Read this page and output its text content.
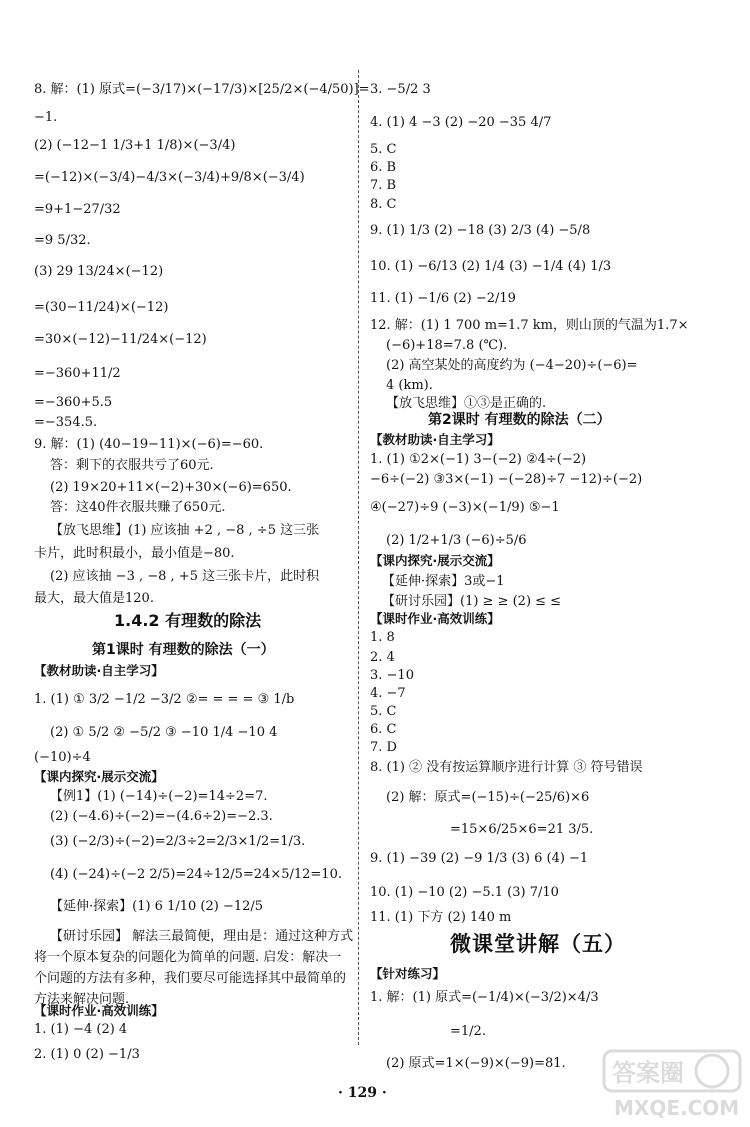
8. 解：(1) 原式=(−3/17)×(−17/3)×[25/2×(−4/50)]=
−1.
(2) (−12−1 1/3+1 1/8)×(−3/4)
=(−12)×(−3/4)−4/3×(−3/4)+9/8×(−3/4)
=9+1−27/32
=9 5/32.
(3) 29 13/24×(−12)
=(30−11/24)×(−12)
=30×(−12)−11/24×(−12)
=−360+11/2
=−360+5.5
=−354.5.
9. 解：(1) (40−19−11)×(−6)=−60.
答：剩下的衣服共亏了60元.
(2) 19×20+11×(−2)+30×(−6)=650.
答：这40件衣服共赚了650元.
【放飞思维】(1) 应该抽 +2 , −8 , ÷5 这三张
卡片，此时积最小，最小值是−80.
(2) 应该抽 −3 , −8 , +5 这三张卡片，此时积
最大，最大值是120.
1.4.2 有理数的除法
第1课时 有理数的除法（一）
【教材助读·自主学习】
1. (1) ① 3/2 −1/2 −3/2 ②= = = = ③ 1/b
(2) ① 5/2 ② −5/2 ③ −10 1/4 −10 4
(−10)÷4
【课内探究·展示交流】
【例1】(1) (−14)÷(−2)=14÷2=7.
(2) (−4.6)÷(−2)=−(4.6÷2)=−2.3.
(3) (−2/3)÷(−2)=2/3÷2=2/3×1/2=1/3.
(4) (−24)÷(−2 2/5)=24÷12/5=24×5/12=10.
【延伸·探索】(1) 6 1/10 (2) −12/5
【研讨乐园】 解法三最简便，理由是：通过这种方式
将一个原本复杂的问题化为简单的问题. 启发：解决一
个问题的方法有多种，我们要尽可能选择其中最简单的
方法来解决问题.
【课时作业·高效训练】
1. (1) −4 (2) 4
2. (1) 0 (2) −1/3
3. −5/2 3
4. (1) 4 −3 (2) −20 −35 4/7
5. C
6. B
7. B
8. C
9. (1) 1/3 (2) −18 (3) 2/3 (4) −5/8
10. (1) −6/13 (2) 1/4 (3) −1/4 (4) 1/3
11. (1) −1/6 (2) −2/19
12. 解：(1) 1 700 m=1.7 km，则山顶的气温为1.7×
(−6)+18=7.8 (℃).
(2) 高空某处的高度约为 (−4−20)÷(−6)=
4 (km).
【放飞思维】①③是正确的.
第2课时 有理数的除法（二）
【教材助读·自主学习】
1. (1) ①2×(−1) 3−(−2) ②4÷(−2)
−6÷(−2) ③3×(−1) −(−28)÷7 −12)÷(−2)
④(−27)÷9 (−3)×(−1/9) ⑤−1
(2) 1/2+1/3 (−6)÷5/6
【课内探究·展示交流】
【延伸·探索】3或−1
【研讨乐园】(1) ≥ ≥ (2) ≤ ≤
【课时作业·高效训练】
1. 8
2. 4
3. −10
4. −7
5. C
6. C
7. D
8. (1) ② 没有按运算顺序进行计算 ③ 符号错误
(2) 解：原式=(−15)÷(−25/6)×6
=15×6/25×6=21 3/5.
9. (1) −39 (2) −9 1/3 (3) 6 (4) −1
10. (1) −10 (2) −5.1 (3) 7/10
11. (1) 下方 (2) 140 m
微课堂讲解（五）
【针对练习】
1. 解：(1) 原式=(−1/4)×(−3/2)×4/3
=1/2.
(2) 原式=1×(−9)×(−9)=81.
· 129 ·
答案圈
MXQE.COM
